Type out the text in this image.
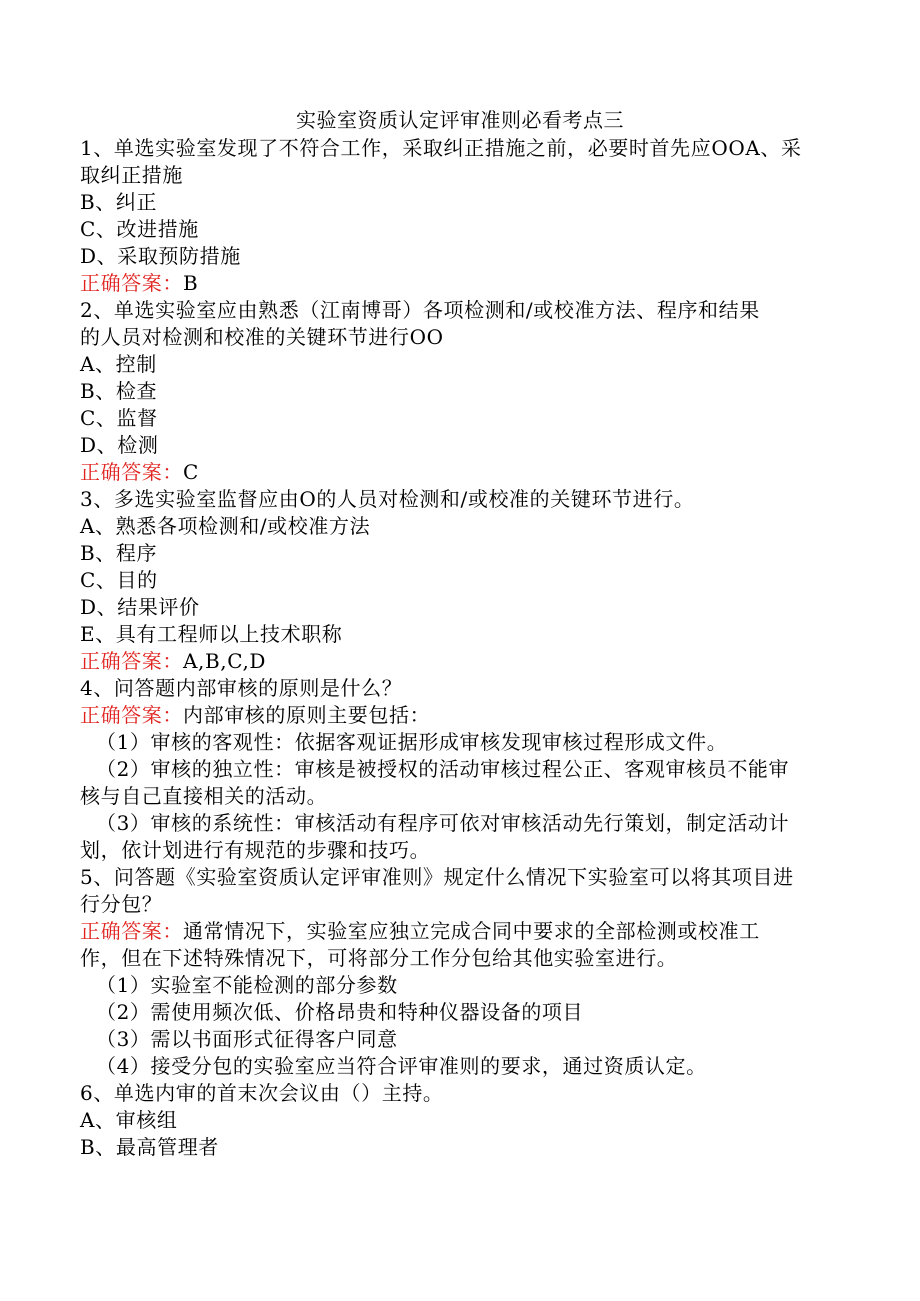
实验室资质认定评审准则必看考点三
1、单选实验室发现了不符合工作，采取纠正措施之前，必要时首先应OOA、采
取纠正措施
B、纠正
C、改进措施
D、采取预防措施
正确答案：B
2、单选实验室应由熟悉（江南博哥）各项检测和/或校准方法、程序和结果
的人员对检测和校准的关键环节进行OO
A、控制
B、检查
C、监督
D、检测
正确答案：C
3、多选实验室监督应由O的人员对检测和/或校准的关键环节进行。
A、熟悉各项检测和/或校准方法
B、程序
C、目的
D、结果评价
E、具有工程师以上技术职称
正确答案：A,B,C,D
4、问答题内部审核的原则是什么？
正确答案：内部审核的原则主要包括：
（1）审核的客观性：依据客观证据形成审核发现审核过程形成文件。
（2）审核的独立性：审核是被授权的活动审核过程公正、客观审核员不能审
核与自己直接相关的活动。
（3）审核的系统性：审核活动有程序可依对审核活动先行策划，制定活动计
划，依计划进行有规范的步骤和技巧。
5、问答题《实验室资质认定评审准则》规定什么情况下实验室可以将其项目进
行分包？
正确答案：通常情况下，实验室应独立完成合同中要求的全部检测或校准工
作，但在下述特殊情况下，可将部分工作分包给其他实验室进行。
（1）实验室不能检测的部分参数
（2）需使用频次低、价格昂贵和特种仪器设备的项目
（3）需以书面形式征得客户同意
（4）接受分包的实验室应当符合评审准则的要求，通过资质认定。
6、单选内审的首末次会议由（）主持。
A、审核组
B、最高管理者
